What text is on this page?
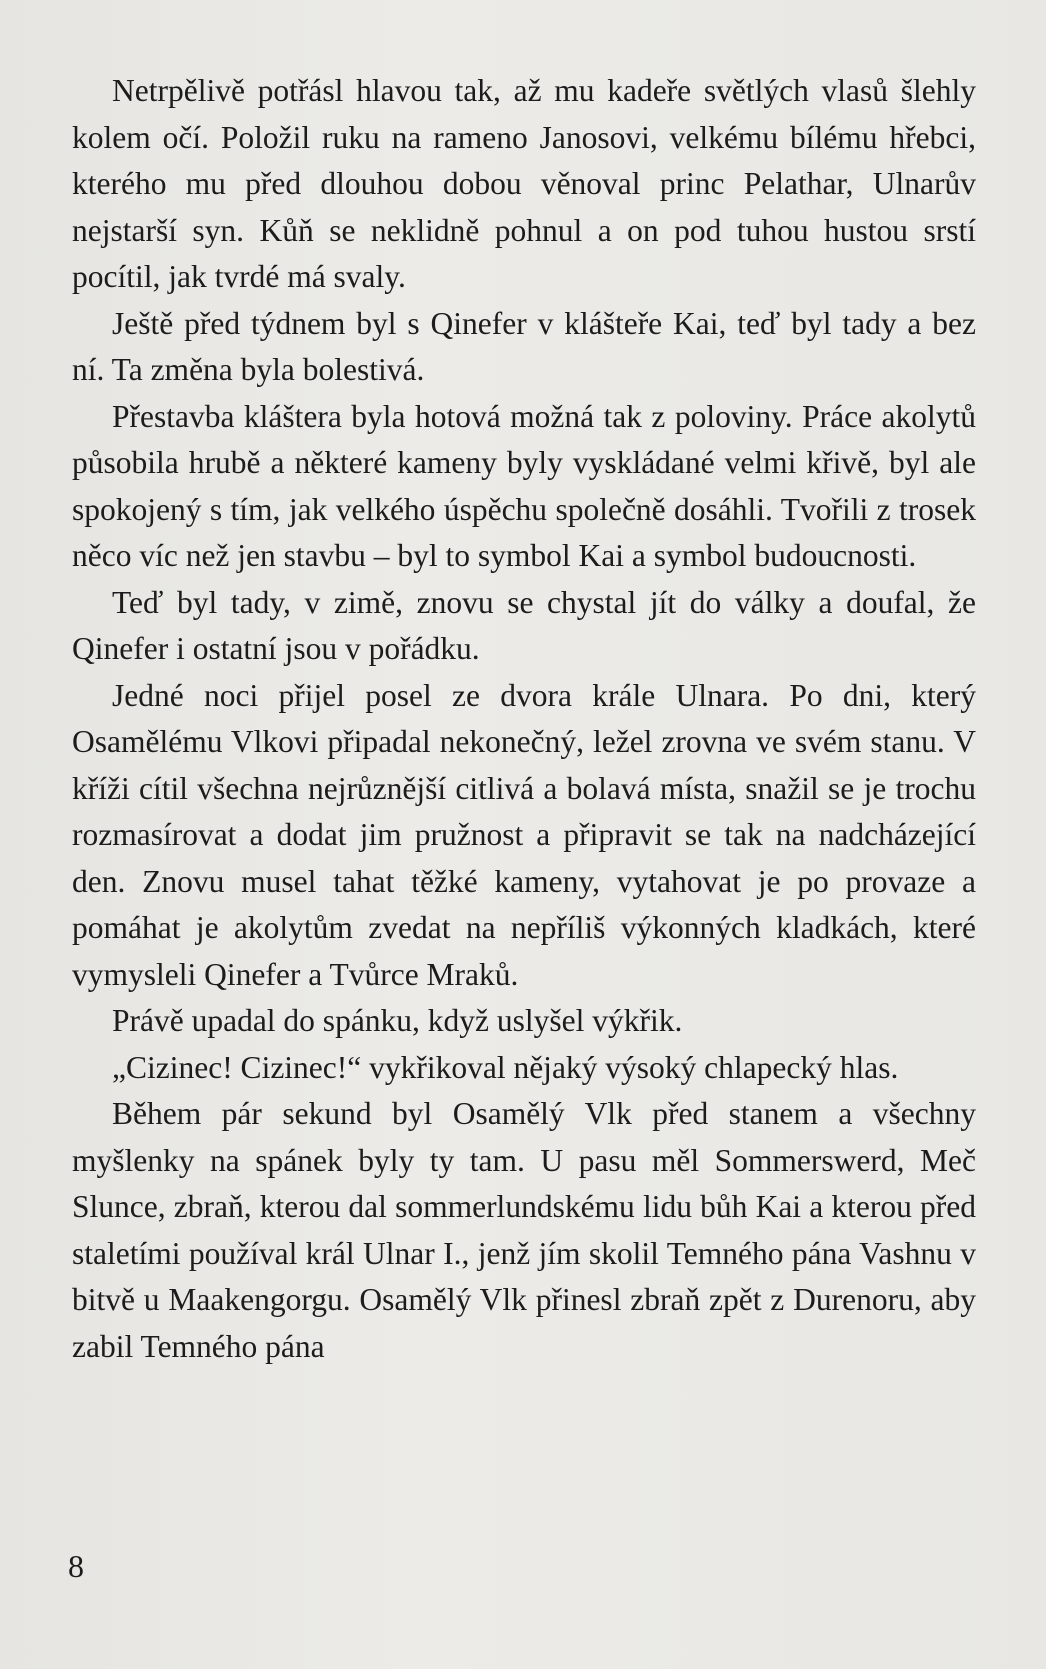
Netrpělivě potřásl hlavou tak, až mu kadeře světlých vlasů šlehly kolem očí. Položil ruku na rameno Janosovi, velkému bílému hřebci, kterého mu před dlouhou dobou věnoval princ Pelathar, Ulnarův nejstarší syn. Kůň se neklidně pohnul a on pod tuhou hustou srstí pocítil, jak tvrdé má svaly.

Ještě před týdnem byl s Qinefer v klášteře Kai, teď byl tady a bez ní. Ta změna byla bolestivá.

Přestavba kláštera byla hotová možná tak z poloviny. Práce akolytů působila hrubě a některé kameny byly vyskládané velmi křivě, byl ale spokojený s tím, jak velkého úspěchu společně dosáhli. Tvořili z trosek něco víc než jen stavbu – byl to symbol Kai a symbol budoucnosti.

Teď byl tady, v zimě, znovu se chystal jít do války a doufal, že Qinefer i ostatní jsou v pořádku.

Jedné noci přijel posel ze dvora krále Ulnara. Po dni, který Osamělému Vlkovi připadal nekonečný, ležel zrovna ve svém stanu. V kříži cítil všechna nejrůznější citlivá a bolavá místa, snažil se je trochu rozmasírovat a dodat jim pružnost a připravit se tak na nadcházející den. Znovu musel tahat těžké kameny, vytahovat je po provaze a pomáhat je akolytům zvedat na nepříliš výkonných kladkách, které vymysleli Qinefer a Tvůrce Mraků.

Právě upadal do spánku, když uslyšel výkřik.

„Cizinec! Cizinec!“ vykřikoval nějaký výsoký chlapecký hlas.

Během pár sekund byl Osamělý Vlk před stanem a všechny myšlenky na spánek byly ty tam. U pasu měl Sommerswerd, Meč Slunce, zbraň, kterou dal sommerlundskému lidu bůh Kai a kterou před staletími používal král Ulnar I., jenž jím skolil Temného pána Vashnu v bitvě u Maakengorgu. Osamělý Vlk přinesl zbraň zpět z Durenoru, aby zabil Temného pána

8
